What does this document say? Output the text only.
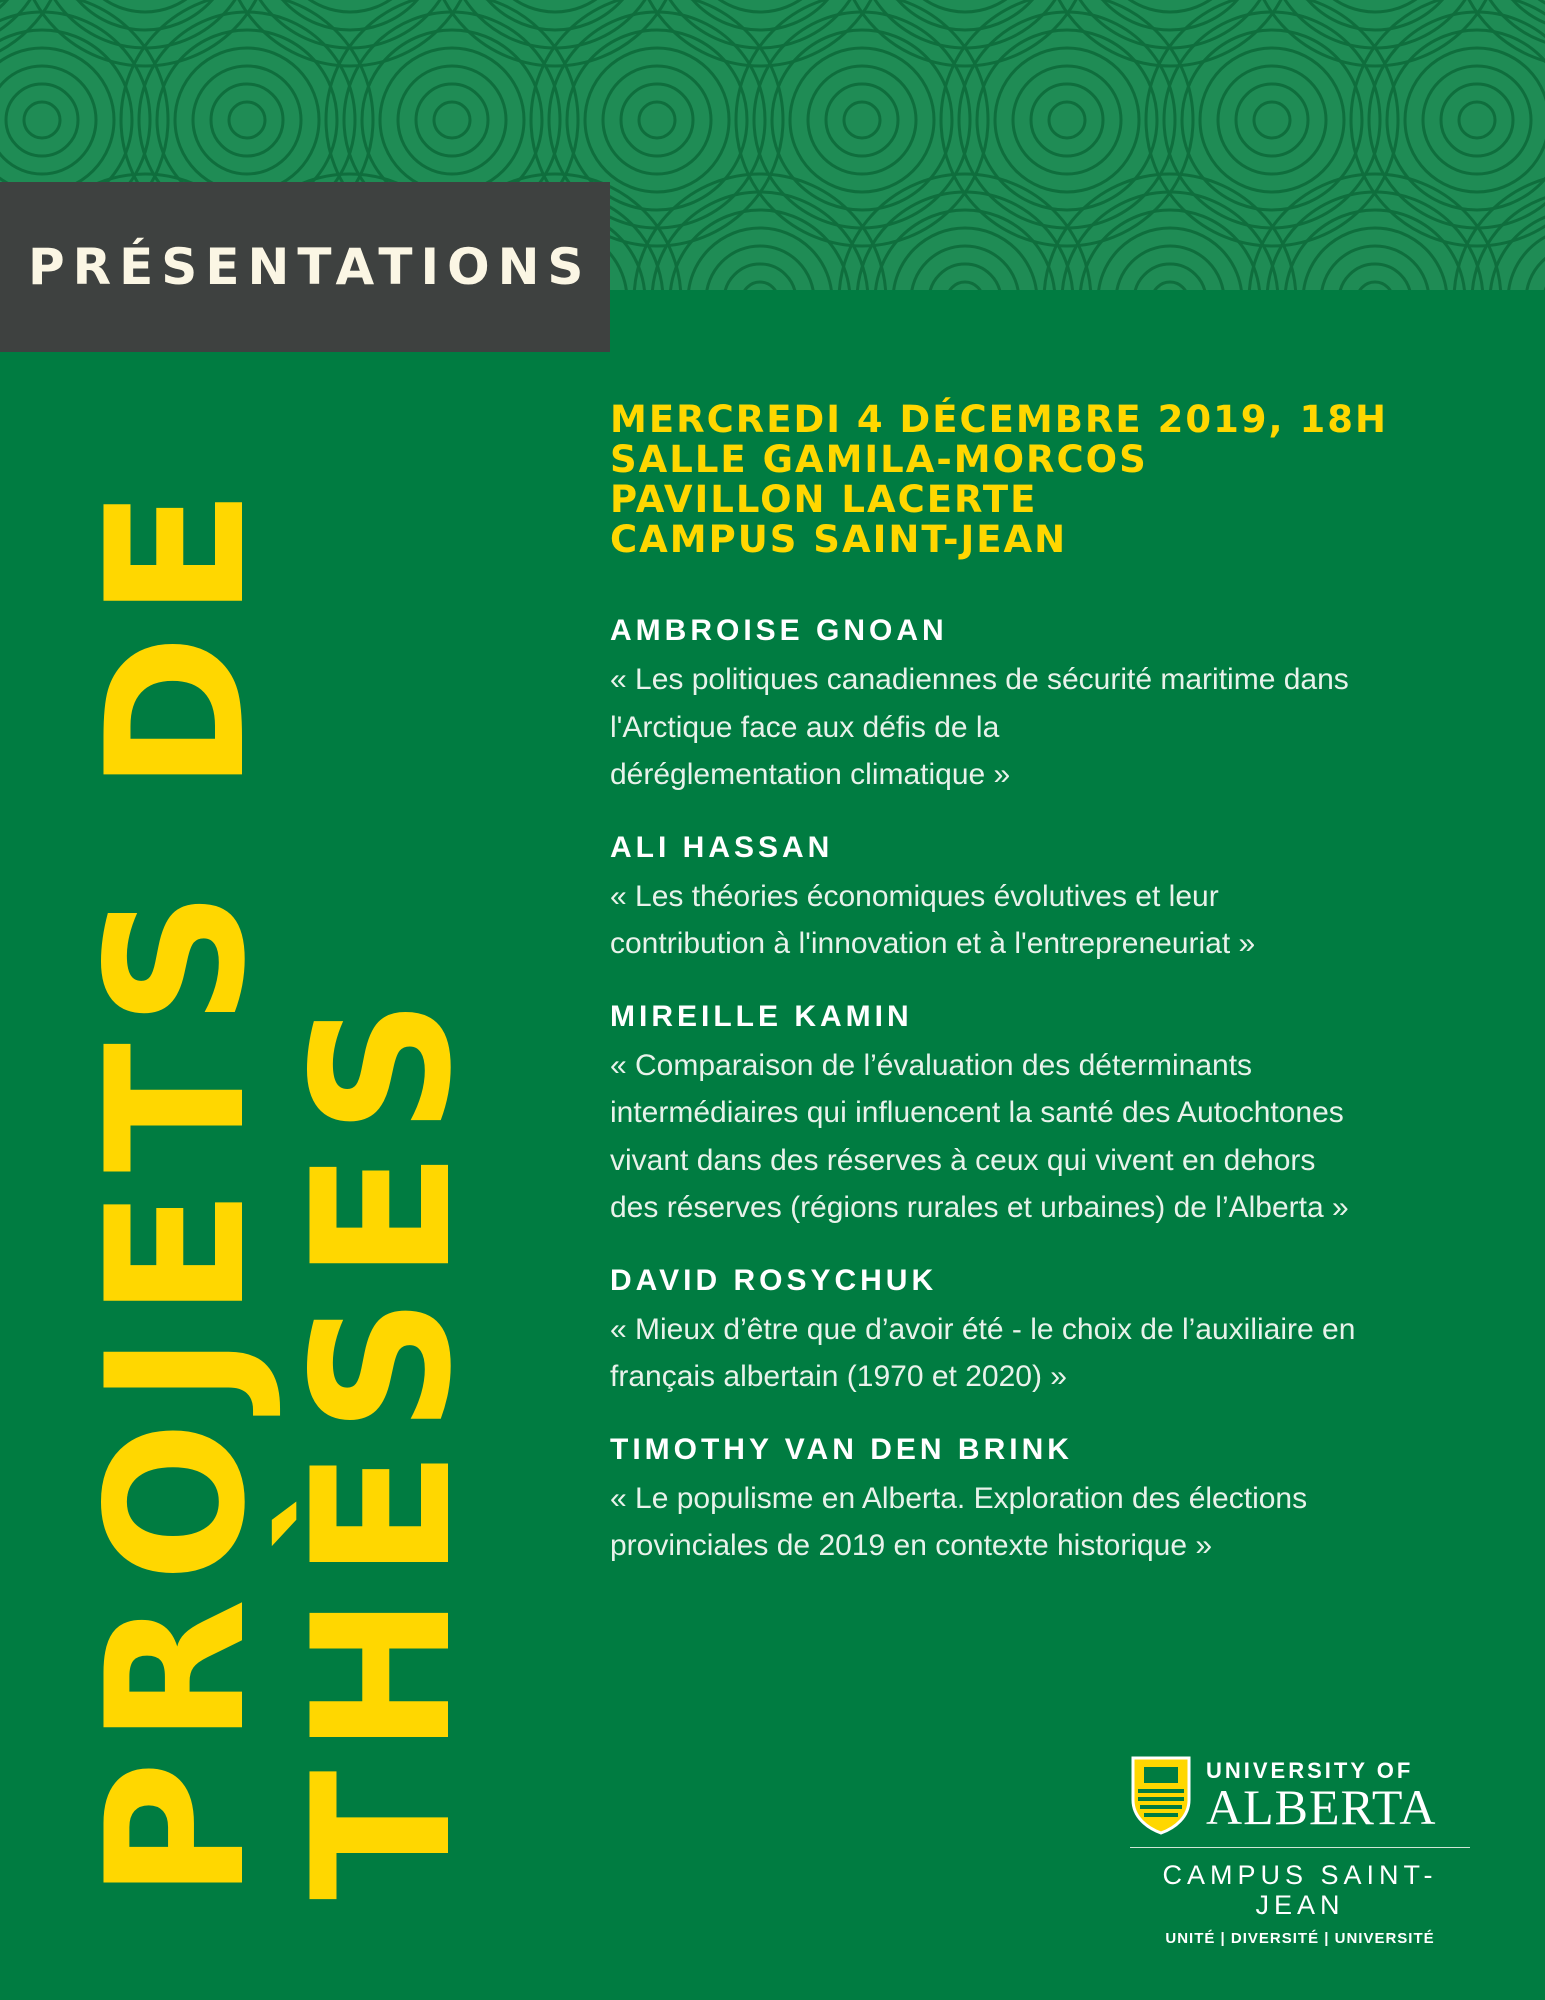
PRÉSENTATIONS
PROJETS DE
THÈSES
MERCREDI 4 DÉCEMBRE 2019, 18H
SALLE GAMILA-MORCOS
PAVILLON LACERTE
CAMPUS SAINT-JEAN
AMBROISE GNOAN
« Les politiques canadiennes de sécurité maritime dans
l'Arctique face aux défis de la
déréglementation climatique »
ALI HASSAN
« Les théories économiques évolutives et leur
contribution à l'innovation et à l'entrepreneuriat »
MIREILLE KAMIN
« Comparaison de l’évaluation des déterminants
intermédiaires qui influencent la santé des Autochtones
vivant dans des réserves à ceux qui vivent en dehors
des réserves (régions rurales et urbaines) de l’Alberta »
DAVID ROSYCHUK
« Mieux d’être que d’avoir été - le choix de l’auxiliaire en
français albertain (1970 et 2020) »
TIMOTHY VAN DEN BRINK
« Le populisme en Alberta. Exploration des élections
provinciales de 2019 en contexte historique »
UNIVERSITY OF
ALBERTA
CAMPUS SAINT-JEAN
UNITÉ | DIVERSITÉ | UNIVERSITÉ
